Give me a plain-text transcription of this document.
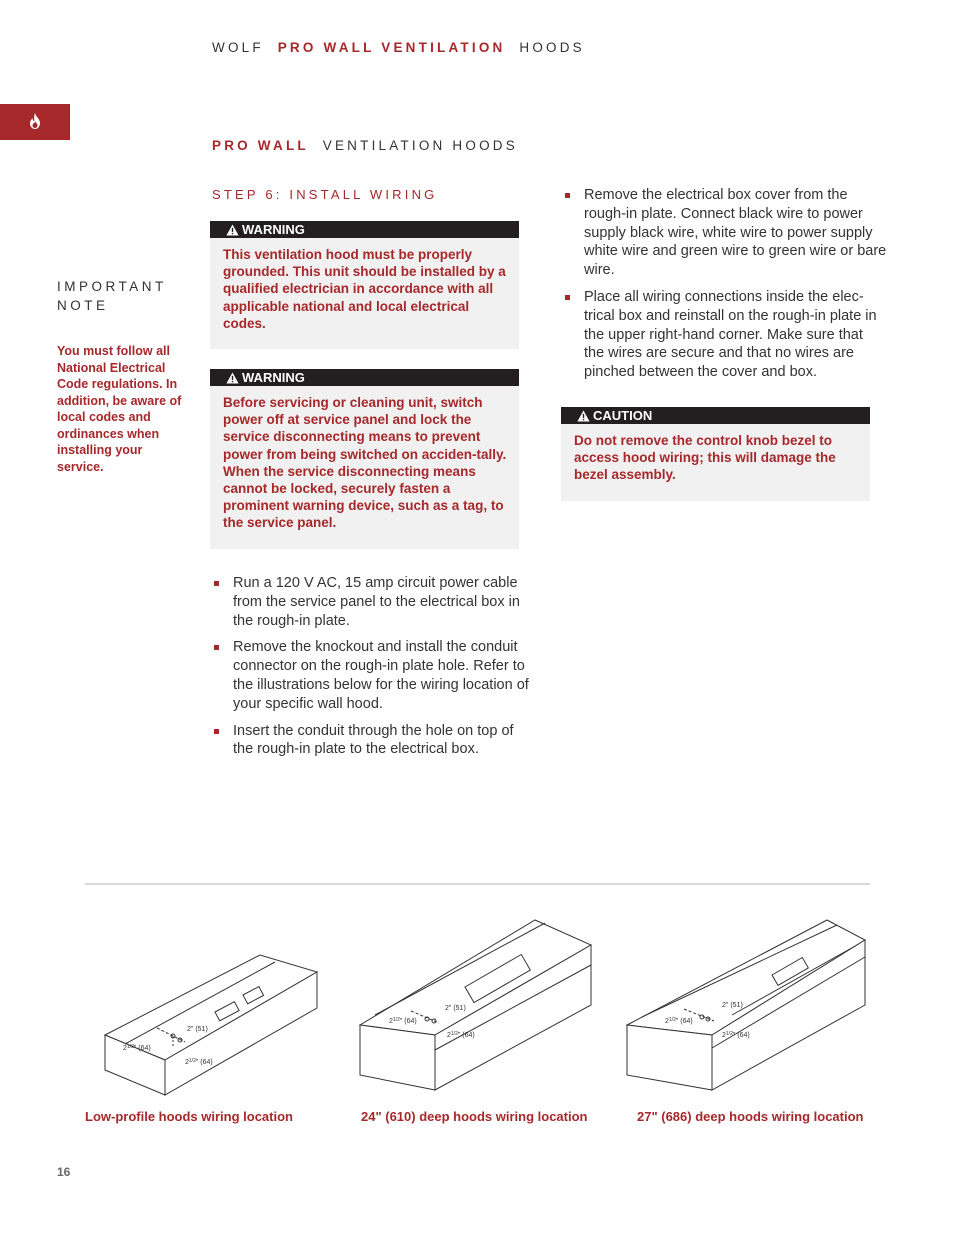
WOLF PRO WALL VENTILATION HOODS
PRO WALL VENTILATION HOODS
STEP 6: INSTALL WIRING
IMPORTANT
NOTE
You must follow all National Electrical Code regulations. In addition, be aware of local codes and ordinances when installing your service.
WARNING
This ventilation hood must be properly grounded. This unit should be installed by a qualified electrician in accordance with all applicable national and local electrical codes.
WARNING
Before servicing or cleaning unit, switch power off at service panel and lock the service disconnecting means to prevent power from being switched on acciden-tally. When the service disconnecting means cannot be locked, securely fasten a prominent warning device, such as a tag, to the service panel.
Run a 120 V AC, 15 amp circuit power cable from the service panel to the electrical box in the rough-in plate.
Remove the knockout and install the conduit connector on the rough-in plate hole. Refer to the illustrations below for the wiring location of your specific wall hood.
Insert the conduit through the hole on top of the rough-in plate to the electrical box.
Remove the electrical box cover from the rough-in plate. Connect black wire to power supply black wire, white wire to power supply white wire and green wire to green wire or bare wire.
Place all wiring connections inside the elec-trical box and reinstall on the rough-in plate in the upper right-hand corner. Make sure that the wires are secure and that no wires are pinched between the cover and box.
CAUTION
Do not remove the control knob bezel to access hood wiring; this will damage the bezel assembly.
2" (51)
$2^{1/2}$" (64)
$2^{1/2}$" (64)
2" (51)
$2^{1/2}$" (64)
$2^{1/2}$" (64)
2" (51)
$2^{1/2}$" (64)
$2^{1/2}$" (64)
Low-profile hoods wiring location	24" (610) deep hoods wiring location	27" (686) deep hoods wiring location
16
